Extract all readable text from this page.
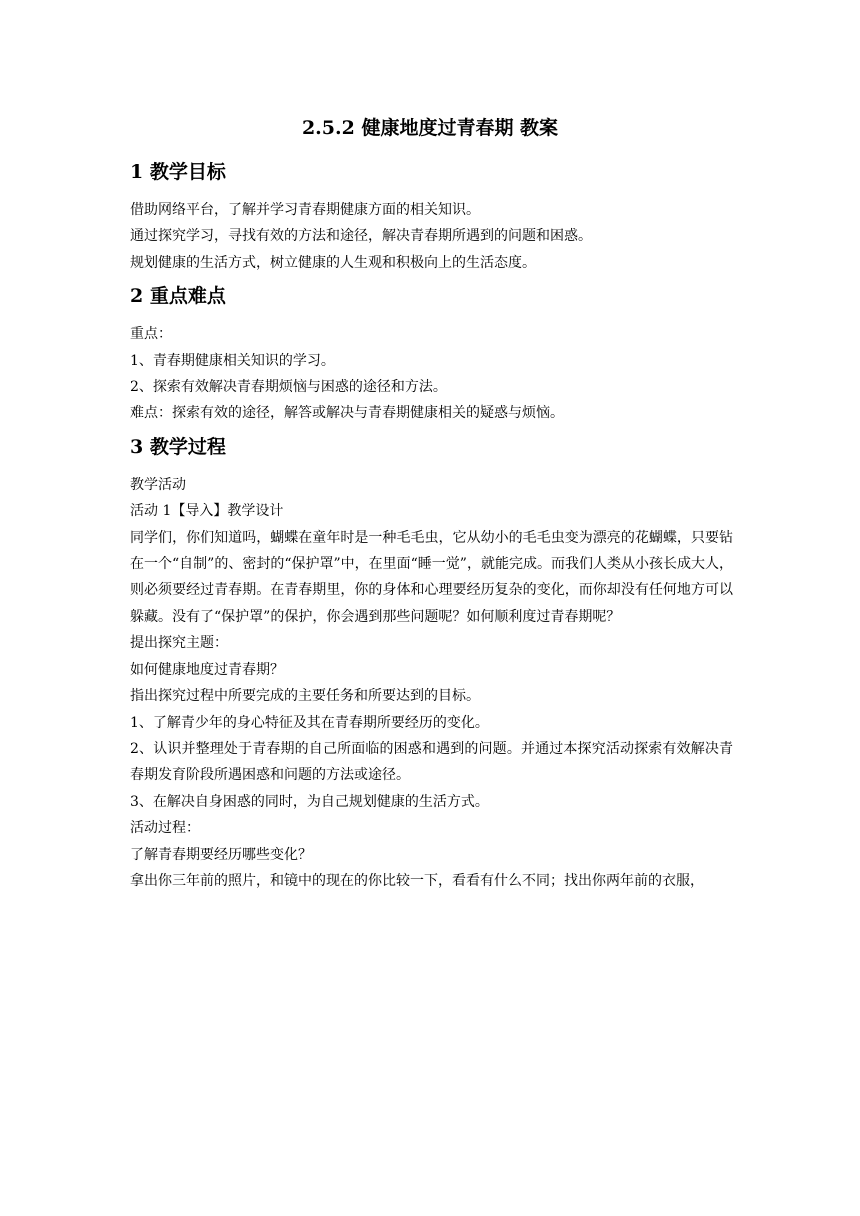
2.5.2 健康地度过青春期 教案
1 教学目标

借助网络平台，了解并学习青春期健康方面的相关知识。

通过探究学习，寻找有效的方法和途径，解决青春期所遇到的问题和困惑。

规划健康的生活方式，树立健康的人生观和积极向上的生活态度。

2 重点难点

重点：

1、青春期健康相关知识的学习。

2、探索有效解决青春期烦恼与困惑的途径和方法。

难点：探索有效的途径，解答或解决与青春期健康相关的疑惑与烦恼。

3 教学过程

教学活动

活动 1【导入】教学设计

同学们，你们知道吗，蝴蝶在童年时是一种毛毛虫，它从幼小的毛毛虫变为漂亮的花蝴蝶，只要钻在一个“自制”的、密封的“保护罩”中，在里面“睡一觉”，就能完成。而我们人类从小孩长成大人，则必须要经过青春期。在青春期里，你的身体和心理要经历复杂的变化，而你却没有任何地方可以躲藏。没有了“保护罩”的保护，你会遇到那些问题呢？如何顺利度过青春期呢？

提出探究主题：

如何健康地度过青春期？

指出探究过程中所要完成的主要任务和所要达到的目标。

1、了解青少年的身心特征及其在青春期所要经历的变化。

2、认识并整理处于青春期的自己所面临的困惑和遇到的问题。并通过本探究活动探索有效解决青春期发育阶段所遇困惑和问题的方法或途径。

3、在解决自身困惑的同时，为自己规划健康的生活方式。

活动过程：

了解青春期要经历哪些变化？

拿出你三年前的照片，和镜中的现在的你比较一下，看看有什么不同；找出你两年前的衣服，
